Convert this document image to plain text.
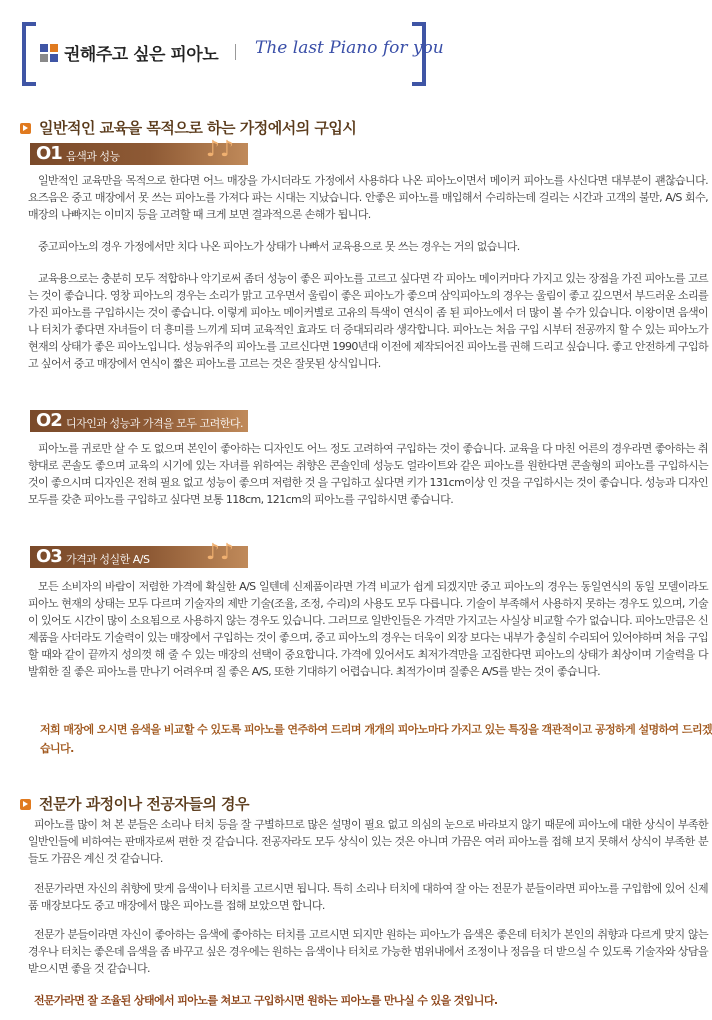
권해주고 싶은 피아노 The last Piano for you
일반적인 교육을 목적으로 하는 가정에서의 구입시
O1 음색과 성능	♪♪

일반적인 교육만을 목적으로 한다면 어느 매장을 가시더라도 가정에서 사용하다 나온 피아노이면서 메이커 피아노를 사신다면 대부분이 괜찮습니다. 요즈음은 중고 매장에서 못 쓰는 피아노를 가져다 파는 시대는 지났습니다. 안좋은 피아노를 매입해서 수리하는데 걸리는 시간과 고객의 불만, A/S 회수, 매장의 나빠지는 이미지 등을 고려할 때 크게 보면 결과적으론 손해가 됩니다.

중고피아노의 경우 가정에서만 치다 나온 피아노가 상태가 나빠서 교육용으로 못 쓰는 경우는 거의 없습니다.

교육용으로는 충분히 모두 적합하나 악기로써 좀더 성능이 좋은 피아노를 고르고 싶다면 각 피아노 메이커마다 가지고 있는 장점을 가진 피아노를 고르는 것이 좋습니다. 영창 피아노의 경우는 소리가 맑고 고우면서 울림이 좋은 피아노가 좋으며 삼익피아노의 경우는 울림이 좋고 깊으면서 부드러운 소리를 가진 피아노를 구입하시는 것이 좋습니다. 이렇게 피아노 메이커별로 고유의 특색이 연식이 좀 된 피아노에서 더 많이 볼 수가 있습니다. 이왕이면 음색이나 터치가 좋다면 자녀들이 더 흥미를 느끼게 되며 교육적인 효과도 더 증대되리라 생각합니다. 피아노는 처음 구입 시부터 전공까지 할 수 있는 피아노가 현재의 상태가 좋은 피아노입니다. 성능위주의 피아노를 고르신다면 1990년대 이전에 제작되어진 피아노를 권해 드리고 싶습니다. 좋고 안전하게 구입하고 싶어서 중고 매장에서 연식이 짧은 피아노를 고르는 것은 잘못된 상식입니다.

O2 디자인과 성능과 가격을 모두 고려한다.

피아노를 귀로만 살 수 도 없으며 본인이 좋아하는 디자인도 어느 정도 고려하여 구입하는 것이 좋습니다. 교육을 다 마친 어른의 경우라면 좋아하는 취향대로 콘솔도 좋으며 교육의 시기에 있는 자녀를 위하여는 취향은 콘솔인데 성능도 얼라이트와 같은 피아노를 원한다면 콘솔형의 피아노를 구입하시는 것이 좋으시며 디자인은 전혀 필요 없고 성능이 좋으며 저렴한 것 을 구입하고 싶다면 키가 131cm이상 인 것을 구입하시는 것이 좋습니다. 성능과 디자인 모두를 갖춘 피아노를 구입하고 싶다면 보통 118cm, 121cm의 피아노를 구입하시면 좋습니다.

O3 가격과 성실한 A/S	♪♪

모든 소비자의 바람이 저렴한 가격에 확실한 A/S 일텐데 신제품이라면 가격 비교가 쉽게 되겠지만 중고 피아노의 경우는 동일연식의 동일 모델이라도 피아노 현재의 상태는 모두 다르며 기술자의 제반 기술(조율, 조정, 수리)의 사용도 모두 다릅니다. 기술이 부족해서 사용하지 못하는 경우도 있으며, 기술이 있어도 시간이 많이 소요됨으로 사용하지 않는 경우도 있습니다. 그러므로 일반인들은 가격만 가지고는 사실상 비교할 수가 없습니다. 피아노만큼은 신제품을 사더라도 기술력이 있는 매장에서 구입하는 것이 좋으며, 중고 피아노의 경우는 더욱이 외장 보다는 내부가 충실히 수리되어 있어야하며 처음 구입할 때와 같이 끝까지 성의껏 해 줄 수 있는 매장의 선택이 중요합니다. 가격에 있어서도 최저가격만을 고집한다면 피아노의 상태가 최상이며 기술력을 다 발휘한 질 좋은 피아노를 만나기 어려우며 질 좋은 A/S, 또한 기대하기 어렵습니다. 최적가이며 질좋은 A/S를 받는 것이 좋습니다.

저희 매장에 오시면 음색을 비교할 수 있도록 피아노를 연주하여 드리며 개개의 피아노마다 가지고 있는 특징을 객관적이고 공정하게 설명하여 드리겠습니다.

전문가 과정이나 전공자들의 경우

피아노를 많이 쳐 본 분들은 소리나 터치 등을 잘 구별하므로 많은 설명이 필요 없고 의심의 눈으로 바라보지 않기 때문에 피아노에 대한 상식이 부족한 일반인들에 비하여는 판매자로써 편한 것 같습니다. 전공자라도 모두 상식이 있는 것은 아니며 가끔은 여러 피아노를 접해 보지 못해서 상식이 부족한 분들도 가끔은 계신 것 같습니다.

전문가라면 자신의 취향에 맞게 음색이나 터치를 고르시면 됩니다. 특히 소리나 터치에 대하여 잘 아는 전문가 분들이라면 피아노를 구입함에 있어 신제품 매장보다도 중고 매장에서 많은 피아노를 접해 보았으면 합니다.

전문가 분들이라면 자신이 좋아하는 음색에 좋아하는 터치를 고르시면 되지만 원하는 피아노가 음색은 좋은데 터치가 본인의 취향과 다르게 맞지 않는 경우나 터치는 좋은데 음색을 좀 바꾸고 싶은 경우에는 원하는 음색이나 터치로 가능한 범위내에서 조정이나 정음을 더 받으실 수 있도록 기술자와 상담을 받으시면 좋을 것 같습니다.

전문가라면 잘 조율된 상태에서 피아노를 쳐보고 구입하시면 원하는 피아노를 만나실 수 있을 것입니다.
